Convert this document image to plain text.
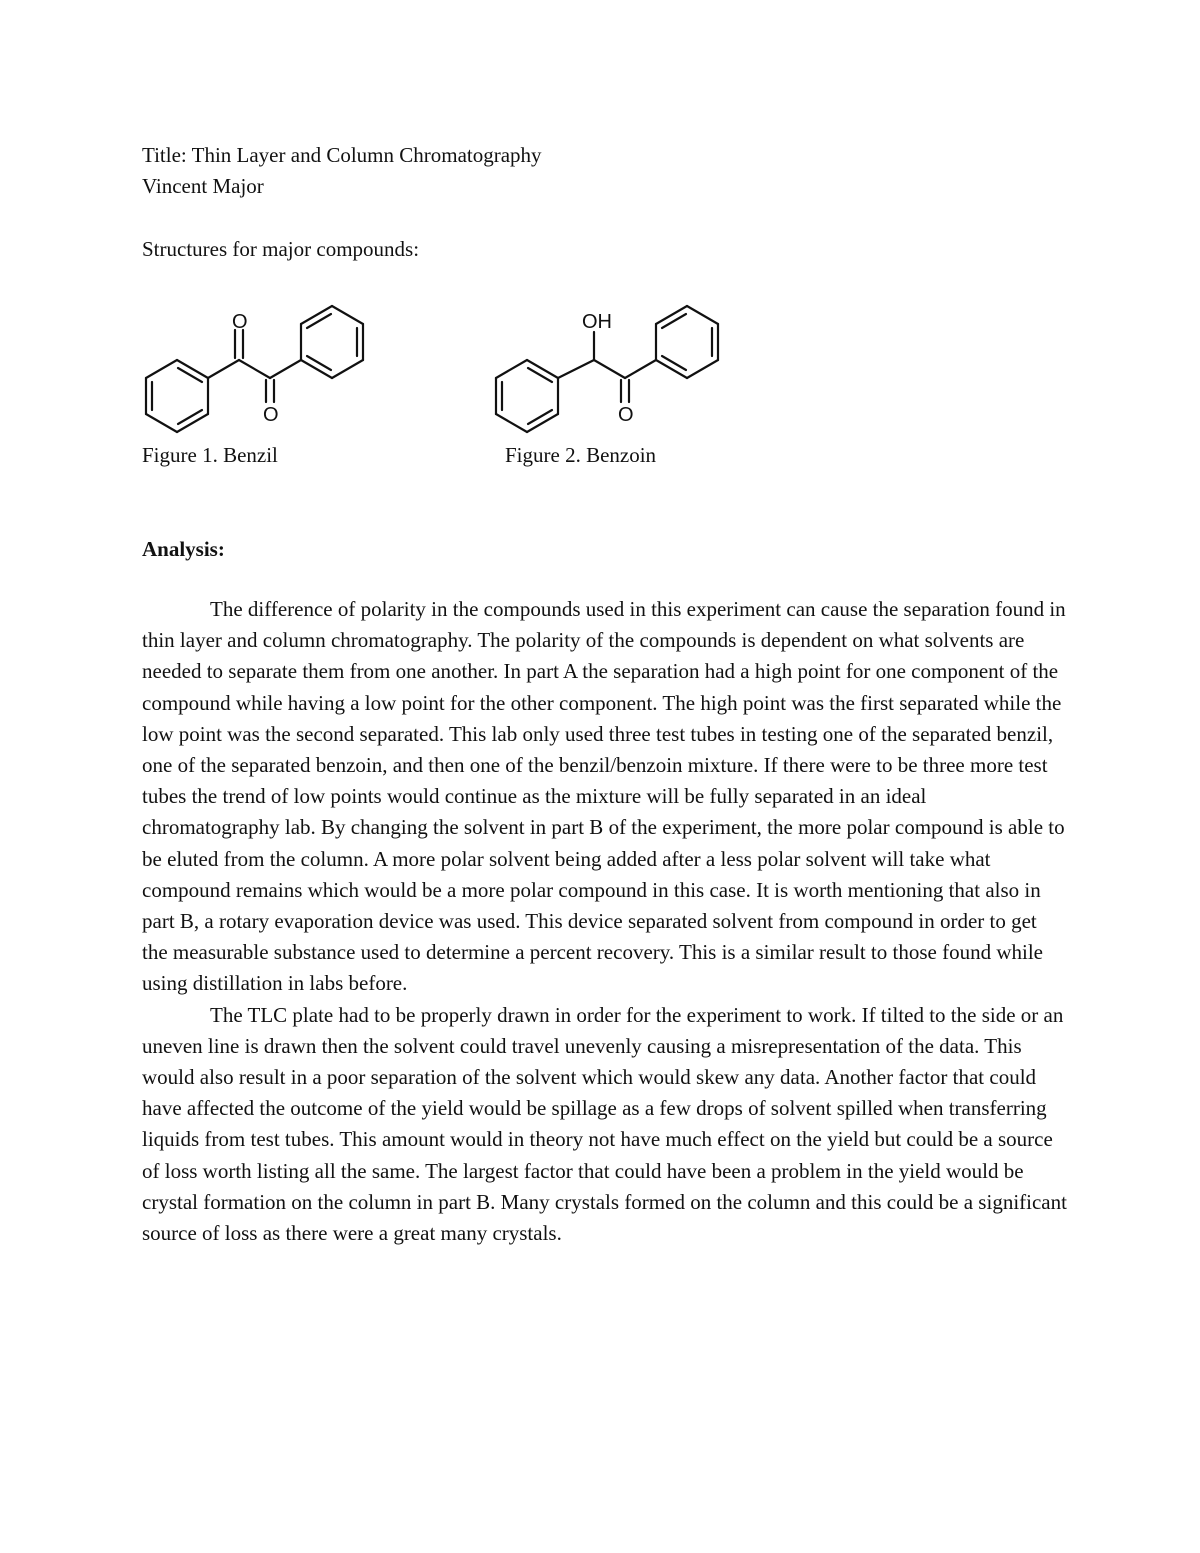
Title: Thin Layer and Column Chromatography
Vincent Major
Structures for major compounds:
O
O
OH
O
Figure 1. Benzil	Figure 2. Benzoin
Analysis:

The difference of polarity in the compounds used in this experiment can cause the separation found in thin layer and column chromatography. The polarity of the compounds is dependent on what solvents are needed to separate them from one another. In part A the separation had a high point for one component of the compound while having a low point for the other component. The high point was the first separated while the low point was the second separated. This lab only used three test tubes in testing one of the separated benzil, one of the separated benzoin, and then one of the benzil/benzoin mixture. If there were to be three more test tubes the trend of low points would continue as the mixture will be fully separated in an ideal chromatography lab. By changing the solvent in part B of the experiment, the more polar compound is able to be eluted from the column. A more polar solvent being added after a less polar solvent will take what compound remains which would be a more polar compound in this case. It is worth mentioning that also in part B, a rotary evaporation device was used. This device separated solvent from compound in order to get the measurable substance used to determine a percent recovery. This is a similar result to those found while using distillation in labs before.

The TLC plate had to be properly drawn in order for the experiment to work. If tilted to the side or an uneven line is drawn then the solvent could travel unevenly causing a misrepresentation of the data. This would also result in a poor separation of the solvent which would skew any data. Another factor that could have affected the outcome of the yield would be spillage as a few drops of solvent spilled when transferring liquids from test tubes. This amount would in theory not have much effect on the yield but could be a source of loss worth listing all the same. The largest factor that could have been a problem in the yield would be crystal formation on the column in part B. Many crystals formed on the column and this could be a significant source of loss as there were a great many crystals.
